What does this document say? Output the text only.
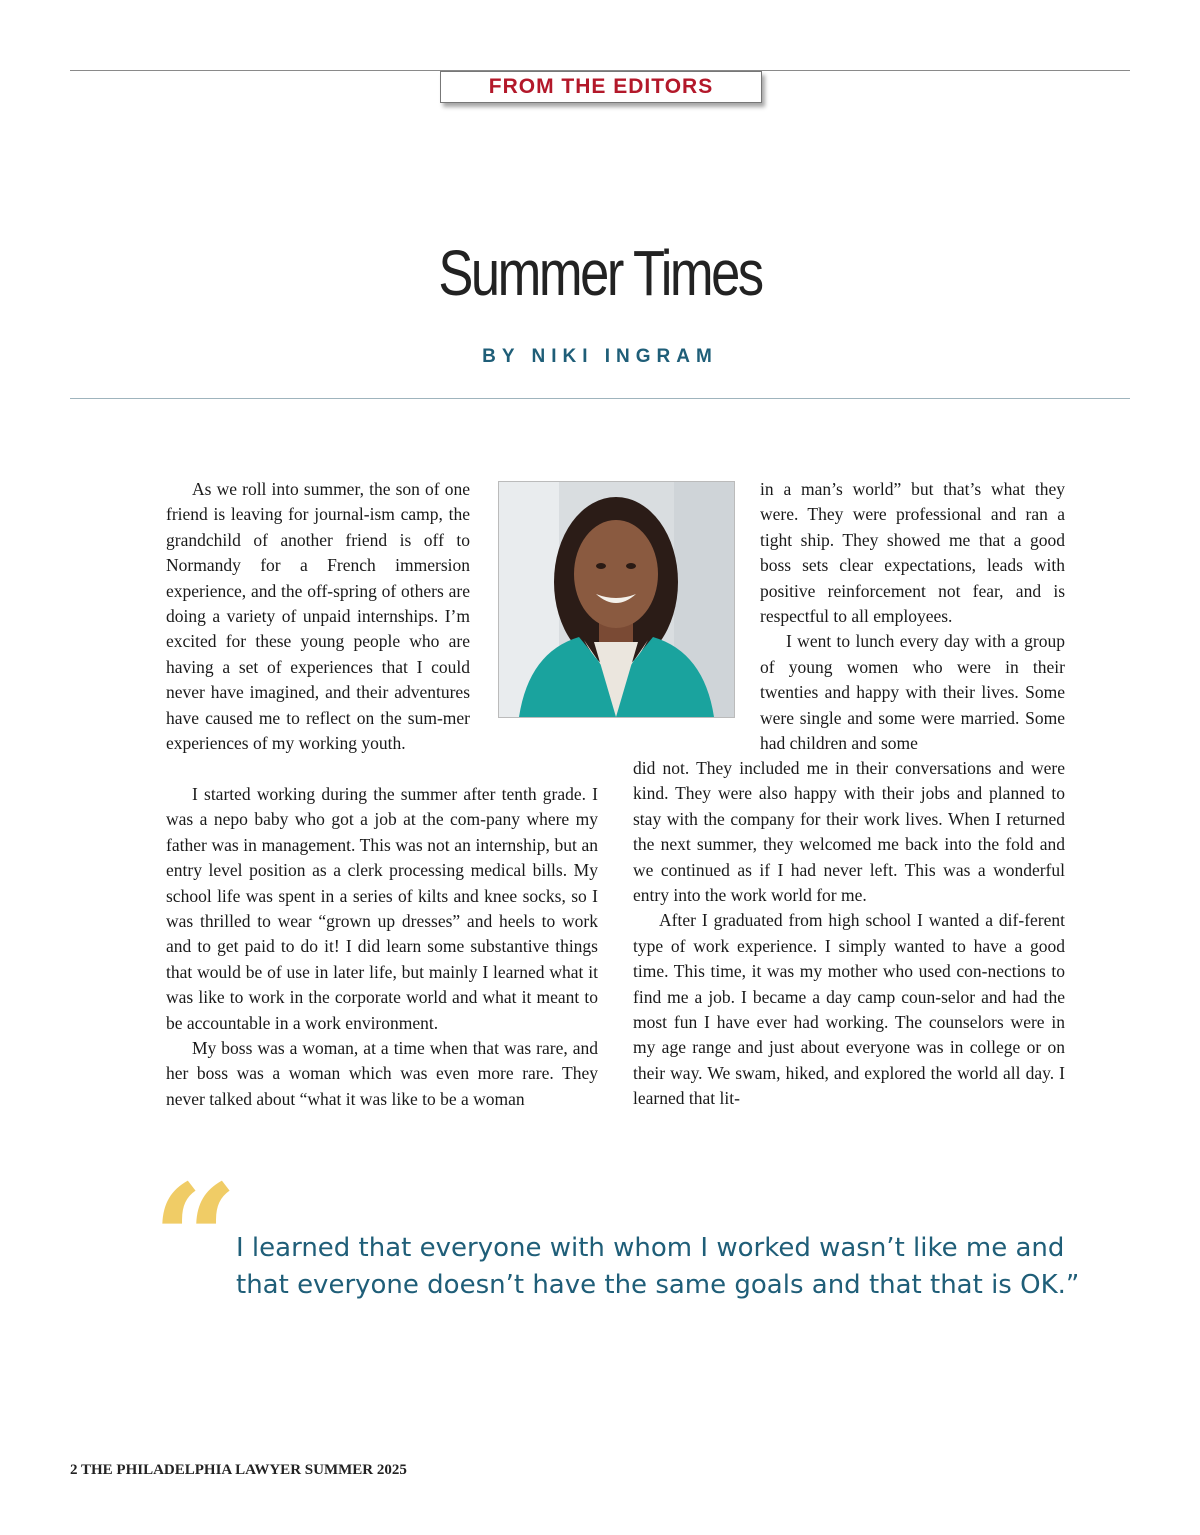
FROM THE EDITORS
Summer Times
BY NIKI INGRAM

As we roll into summer, the son of one friend is leaving for journal-ism camp, the grandchild of another friend is off to Normandy for a French immersion experience, and the off-spring of others are doing a variety of unpaid internships. I’m excited for these young people who are having a set of experiences that I could never have imagined, and their adventures have caused me to reflect on the sum-mer experiences of my working youth.

in a man’s world” but that’s what they were. They were professional and ran a tight ship. They showed me that a good boss sets clear expectations, leads with positive reinforcement not fear, and is respectful to all employees.

I went to lunch every day with a group of young women who were in their twenties and happy with their lives. Some were single and some were married. Some had children and some

I started working during the summer after tenth grade. I was a nepo baby who got a job at the com-pany where my father was in management. This was not an internship, but an entry level position as a clerk processing medical bills. My school life was spent in a series of kilts and knee socks, so I was thrilled to wear “grown up dresses” and heels to work and to get paid to do it! I did learn some substantive things that would be of use in later life, but mainly I learned what it was like to work in the corporate world and what it meant to be accountable in a work environment.

My boss was a woman, at a time when that was rare, and her boss was a woman which was even more rare. They never talked about “what it was like to be a woman

did not. They included me in their conversations and were kind. They were also happy with their jobs and planned to stay with the company for their work lives. When I returned the next summer, they welcomed me back into the fold and we continued as if I had never left. This was a wonderful entry into the work world for me.

After I graduated from high school I wanted a dif-ferent type of work experience. I simply wanted to have a good time. This time, it was my mother who used con-nections to find me a job. I became a day camp coun-selor and had the most fun I have ever had working. The counselors were in my age range and just about everyone was in college or on their way. We swam, hiked, and explored the world all day. I learned that lit-

“

I learned that everyone with whom I worked wasn’t like me and that everyone doesn’t have the same goals and that that is OK.”

2 THE PHILADELPHIA LAWYER SUMMER 2025
